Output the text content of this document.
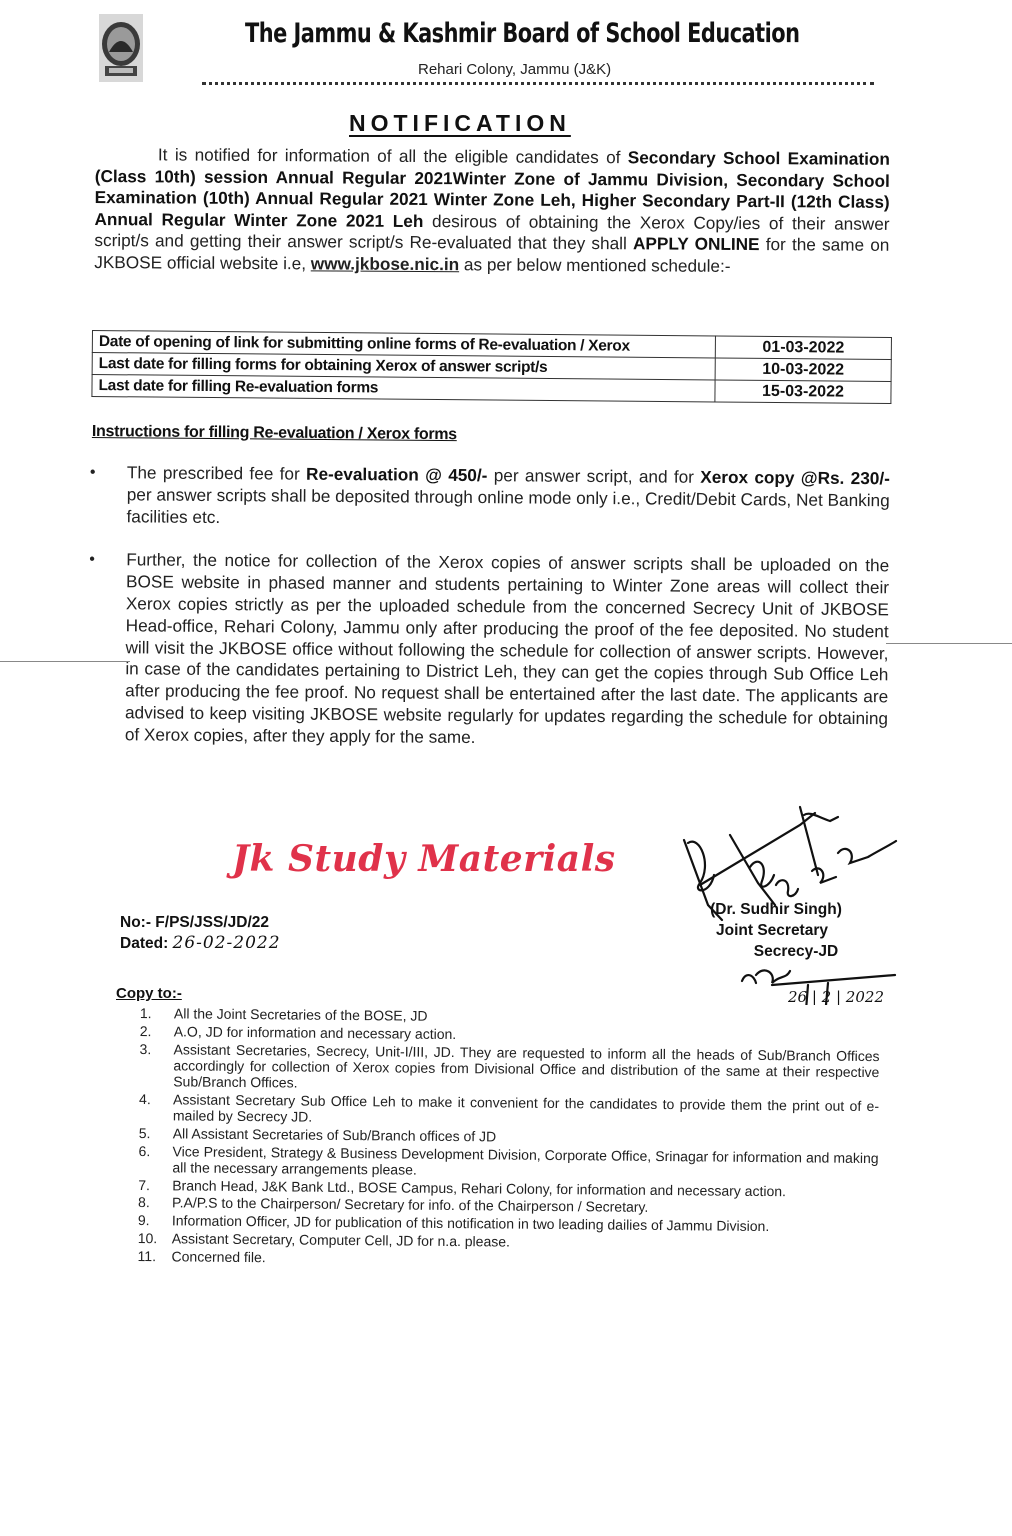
The Jammu & Kashmir Board of School Education
Rehari Colony, Jammu (J&K)
NOTIFICATION
It is notified for information of all the eligible candidates of Secondary School Examination (Class 10th) session Annual Regular 2021Winter Zone of Jammu Division, Secondary School Examination (10th) Annual Regular 2021 Winter Zone Leh, Higher Secondary Part-II (12th Class) Annual Regular Winter Zone 2021 Leh desirous of obtaining the Xerox Copy/ies of their answer script/s and getting their answer script/s Re-evaluated that they shall APPLY ONLINE for the same on JKBOSE official website i.e, www.jkbose.nic.in as per below mentioned schedule:-
Date of opening of link for submitting online forms of Re-evaluation / Xerox	01-03-2022
Last date for filling forms for obtaining Xerox of answer script/s	10-03-2022
Last date for filling Re-evaluation forms	15-03-2022
Instructions for filling Re-evaluation / Xerox forms
• The prescribed fee for Re-evaluation @ 450/- per answer script, and for Xerox copy @Rs. 230/- per answer scripts shall be deposited through online mode only i.e., Credit/Debit Cards, Net Banking facilities etc.
• Further, the notice for collection of the Xerox copies of answer scripts shall be uploaded on the BOSE website in phased manner and students pertaining to Winter Zone areas will collect their Xerox copies strictly as per the uploaded schedule from the concerned Secrecy Unit of JKBOSE Head-office, Rehari Colony, Jammu only after producing the proof of the fee deposited. No student will visit the JKBOSE office without following the schedule for collection of answer scripts. However, in case of the candidates pertaining to District Leh, they can get the copies through Sub Office Leh after producing the fee proof. No request shall be entertained after the last date. The applicants are advised to keep visiting JKBOSE website regularly for updates regarding the schedule for obtaining of Xerox copies, after they apply for the same.
Jk Study Materials
No:- F/PS/JSS/JD/22
Dated: 26-02-2022
26 | 2 | 2022
(Dr. Sudhir Singh)
Joint Secretary
Secrecy-JD
Copy to:-
1.	All the Joint Secretaries of the BOSE, JD
2.	A.O, JD for information and necessary action.
3.	Assistant Secretaries, Secrecy, Unit-I/III, JD. They are requested to inform all the heads of Sub/Branch Offices accordingly for collection of Xerox copies from Divisional Office and distribution of the same at their respective Sub/Branch Offices.
4.	Assistant Secretary Sub Office Leh to make it convenient for the candidates to provide them the print out of e-mailed by Secrecy JD.
5.	All Assistant Secretaries of Sub/Branch offices of JD
6.	Vice President, Strategy & Business Development Division, Corporate Office, Srinagar for information and making all the necessary arrangements please.
7.	Branch Head, J&K Bank Ltd., BOSE Campus, Rehari Colony, for information and necessary action.
8.	P.A/P.S to the Chairperson/ Secretary for info. of the Chairperson / Secretary.
9.	Information Officer, JD for publication of this notification in two leading dailies of Jammu Division.
10.	Assistant Secretary, Computer Cell, JD for n.a. please.
11.	Concerned file.
